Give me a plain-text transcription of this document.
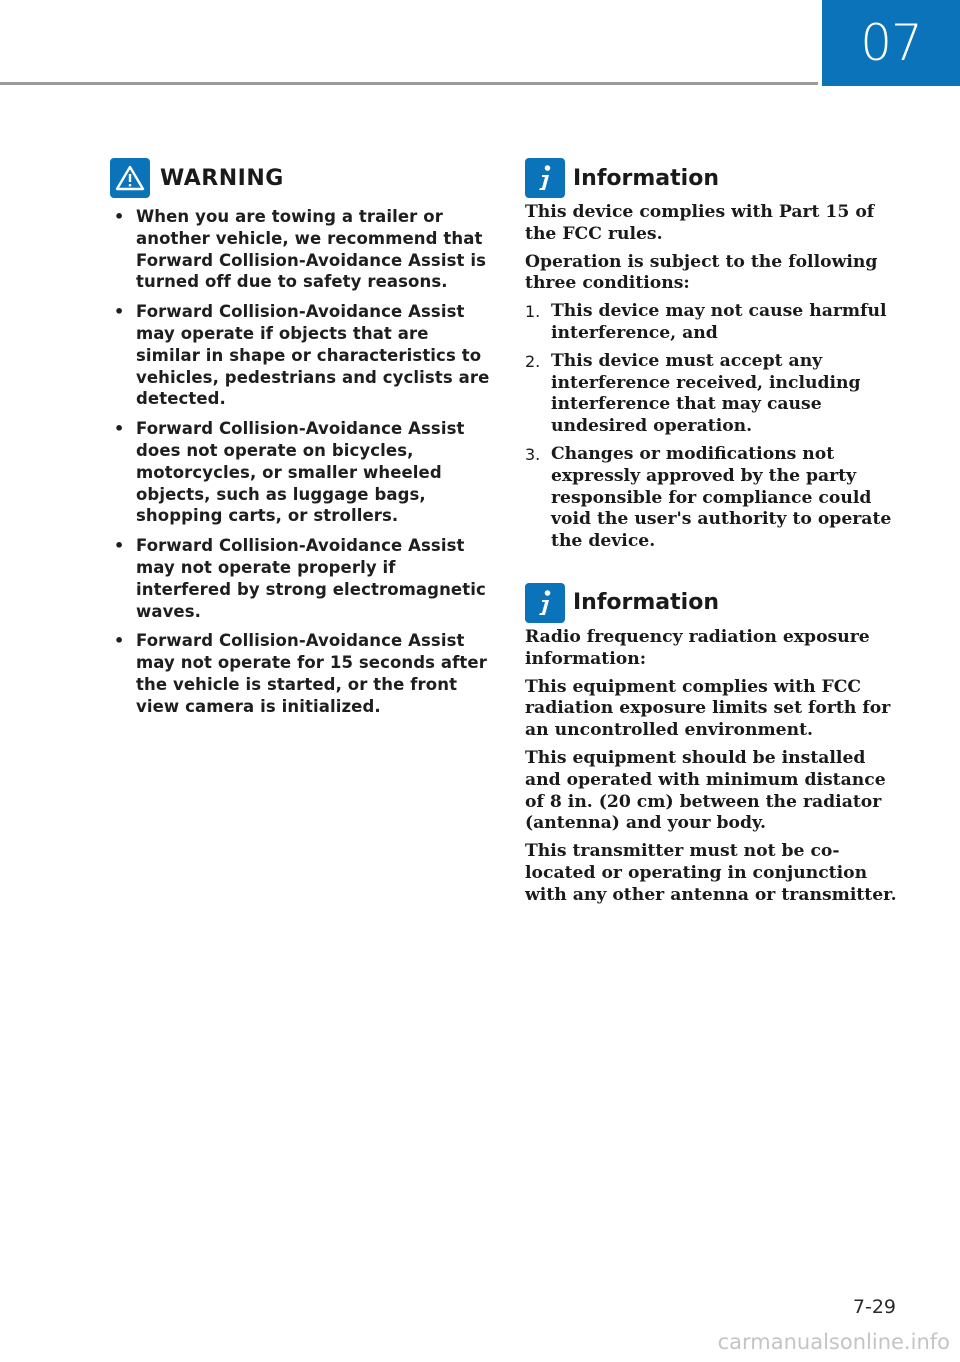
07
WARNING
• When you are towing a trailer or another vehicle, we recommend that Forward Collision-Avoidance Assist is turned off due to safety reasons.
• Forward Collision-Avoidance Assist may operate if objects that are similar in shape or characteristics to vehicles, pedestrians and cyclists are detected.
• Forward Collision-Avoidance Assist does not operate on bicycles, motorcycles, or smaller wheeled objects, such as luggage bags, shopping carts, or strollers.
• Forward Collision-Avoidance Assist may not operate properly if interfered by strong electromagnetic waves.
• Forward Collision-Avoidance Assist may not operate for 15 seconds after the vehicle is started, or the front view camera is initialized.
Information

This device complies with Part 15 of the FCC rules.

Operation is subject to the following three conditions:

1. This device may not cause harmful interference, and
2. This device must accept any interference received, including interference that may cause undesired operation.
3. Changes or modifications not expressly approved by the party responsible for compliance could void the user's authority to operate the device.
Information

Radio frequency radiation exposure information:

This equipment complies with FCC radiation exposure limits set forth for an uncontrolled environment.

This equipment should be installed and operated with minimum distance of 8 in. (20 cm) between the radiator (antenna) and your body.

This transmitter must not be co-located or operating in conjunction with any other antenna or transmitter.

7-29
carmanualsonline.info
